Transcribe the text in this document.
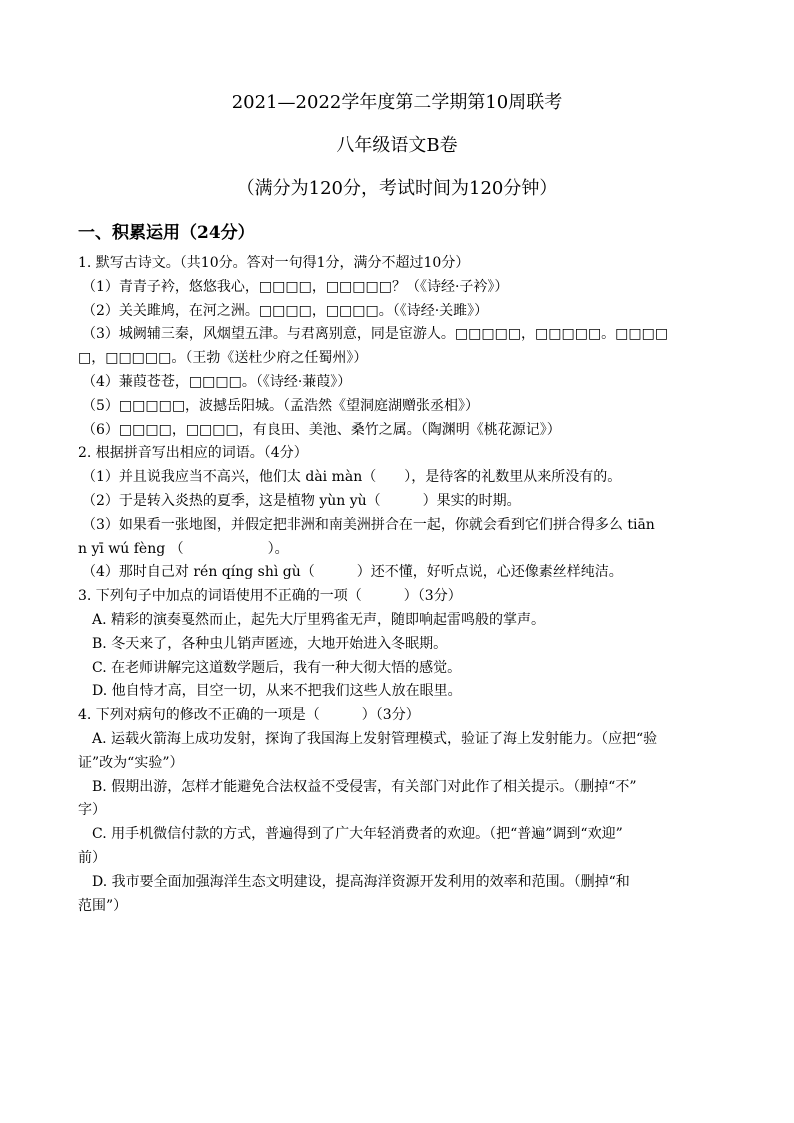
2021—2022学年度第二学期第10周联考
八年级语文B卷
（满分为120分，考试时间为120分钟）
一、积累运用（24分）
1. 默写古诗文。（共10分。答对一句得1分，满分不超过10分）
（1）青青子衿，悠悠我心，□□□□，□□□□□？（《诗经·子衿》）
（2）关关雎鸠，在河之洲。□□□□，□□□□。（《诗经·关雎》）
（3）城阙辅三秦，风烟望五津。与君离别意，同是宦游人。□□□□□，□□□□□。□□□□
□，□□□□□。（王勃《送杜少府之任蜀州》）
（4）蒹葭苍苍，□□□□。（《诗经·蒹葭》）
（5）□□□□□，波撼岳阳城。（孟浩然《望洞庭湖赠张丞相》）
（6）□□□□，□□□□，有良田、美池、桑竹之属。（陶渊明《桃花源记》）
2. 根据拼音写出相应的词语。（4分）
（1）并且说我应当不高兴，他们太 dài màn（　　），是待客的礼数里从来所没有的。
（2）于是转入炎热的夏季，这是植物 yùn yù（　　　）果实的时期。
（3）如果看一张地图，并假定把非洲和南美洲拼合在一起，你就会看到它们拼合得多么 tiān
n yī wú fèng （　　　　　　）。
（4）那时自己对 rén qíng shì gù（　　　）还不懂，好听点说，心还像素丝样纯洁。
3. 下列句子中加点的词语使用不正确的一项（　　　）（3分）
A. 精彩的演奏戛然而止，起先大厅里鸦雀无声，随即响起雷鸣般的掌声。
B. 冬天来了，各种虫儿销声匿迹，大地开始进入冬眠期。
C. 在老师讲解完这道数学题后，我有一种大彻大悟的感觉。
D. 他自恃才高，目空一切，从来不把我们这些人放在眼里。
4. 下列对病句的修改不正确的一项是（　　　）（3分）
A. 运载火箭海上成功发射，探询了我国海上发射管理模式，验证了海上发射能力。（应把“验
证”改为“实验”）
B. 假期出游，怎样才能避免合法权益不受侵害，有关部门对此作了相关提示。（删掉“不”
字）
C. 用手机微信付款的方式，普遍得到了广大年轻消费者的欢迎。（把“普遍”调到“欢迎”
前）
D. 我市要全面加强海洋生态文明建设，提高海洋资源开发利用的效率和范围。（删掉“和
范围”）
